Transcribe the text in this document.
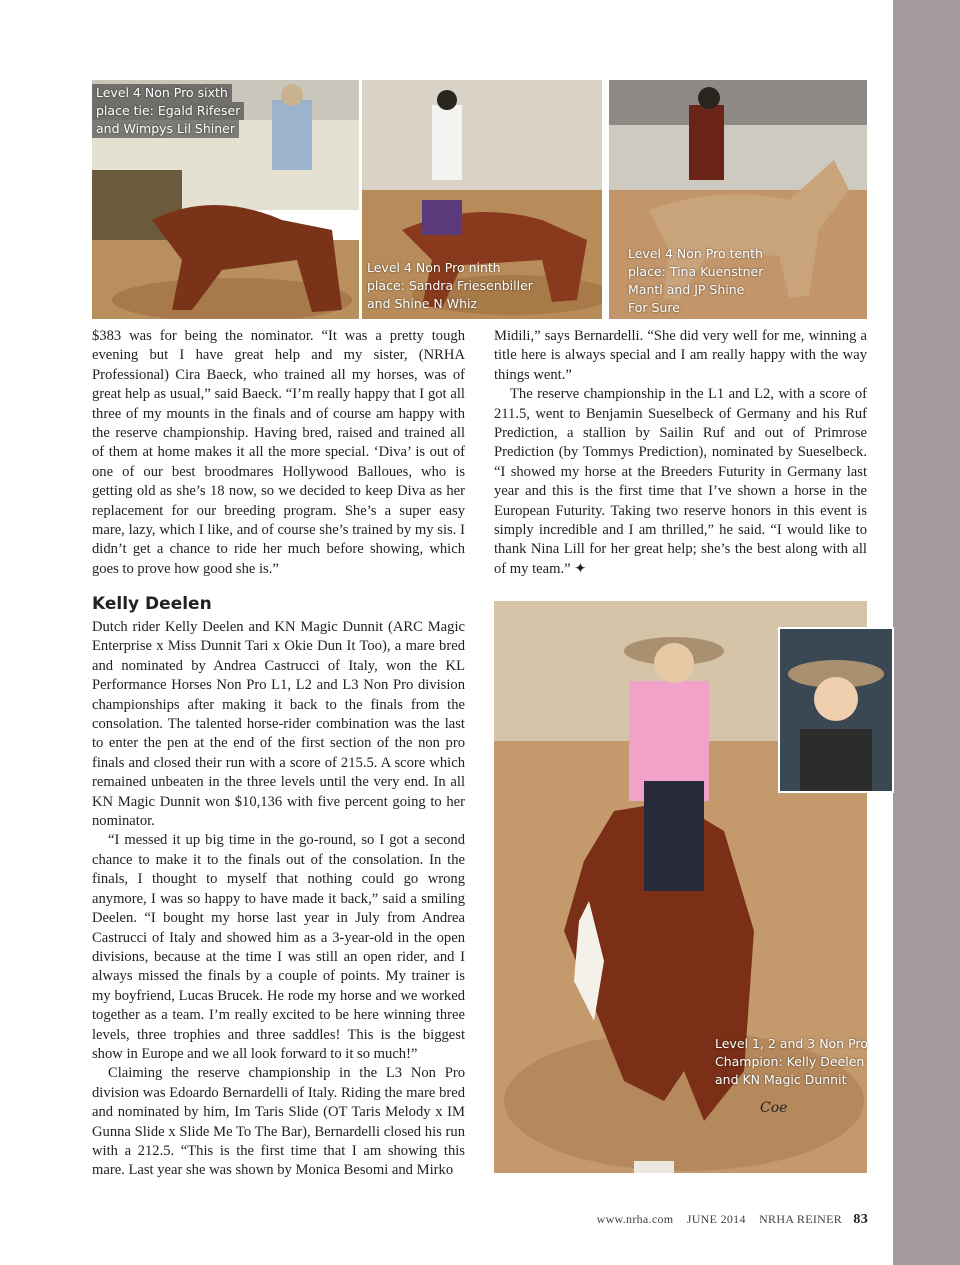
Level 4 Non Pro sixth
place tie: Egald Rifeser
and Wimpys Lil Shiner
Level 4 Non Pro ninth
place: Sandra Friesenbiller
and Shine N Whiz
Level 4 Non Pro tenth
place: Tina Kuenstner
Mantl and JP Shine
For Sure

$383 was for being the nominator. “It was a pretty tough evening but I have great help and my sister, (NRHA Professional) Cira Baeck, who trained all my horses, was of great help as usual,” said Baeck. “I’m really happy that I got all three of my mounts in the finals and of course am happy with the reserve championship. Having bred, raised and trained all of them at home makes it all the more special. ‘Diva’ is out of one of our best broodmares Hollywood Balloues, who is getting old as she’s 18 now, so we decided to keep Diva as her replacement for our breeding program. She’s a super easy mare, lazy, which I like, and of course she’s trained by my sis. I didn’t get a chance to ride her much before showing, which goes to prove how good she is.”

Midili,” says Bernardelli. “She did very well for me, winning a title here is always special and I am really happy with the way things went.”

The reserve championship in the L1 and L2, with a score of 211.5, went to Benjamin Sueselbeck of Germany and his Ruf Prediction, a stallion by Sailin Ruf and out of Primrose Prediction (by Tommys Prediction), nominated by Sueselbeck. “I showed my horse at the Breeders Futurity in Germany last year and this is the first time that I’ve shown a horse in the European Futurity. Taking two reserve honors in this event is simply incredible and I am thrilled,” he said. “I would like to thank Nina Lill for her great help; she’s the best along with all of my team.” ✦

Kelly Deelen

Dutch rider Kelly Deelen and KN Magic Dunnit (ARC Magic Enterprise x Miss Dunnit Tari x Okie Dun It Too), a mare bred and nominated by Andrea Castrucci of Italy, won the KL Performance Horses Non Pro L1, L2 and L3 Non Pro division championships after making it back to the finals from the consolation. The talented horse-rider combination was the last to enter the pen at the end of the first section of the non pro finals and closed their run with a score of 215.5. A score which remained unbeaten in the three levels until the very end. In all KN Magic Dunnit won $10,136 with five percent going to her nominator.

“I messed it up big time in the go-round, so I got a second chance to make it to the finals out of the consolation. In the finals, I thought to myself that nothing could go wrong anymore, I was so happy to have made it back,” said a smiling Deelen. “I bought my horse last year in July from Andrea Castrucci of Italy and showed him as a 3-year-old in the open divisions, because at the time I was still an open rider, and I always missed the finals by a couple of points. My trainer is my boyfriend, Lucas Brucek. He rode my horse and we worked together as a team. I’m really excited to be here winning three levels, three trophies and three saddles! This is the biggest show in Europe and we all look forward to it so much!”

Claiming the reserve championship in the L3 Non Pro division was Edoardo Bernardelli of Italy. Riding the mare bred and nominated by him, Im Taris Slide (OT Taris Melody x IM Gunna Slide x Slide Me To The Bar), Bernardelli closed his run with a 212.5. “This is the first time that I am showing this mare. Last year she was shown by Monica Besomi and Mirko

Level 1, 2 and 3 Non Pro
Champion: Kelly Deelen
and KN Magic Dunnit
Coe
www.nrha.com JUNE 2014 NRHA REINER 83
